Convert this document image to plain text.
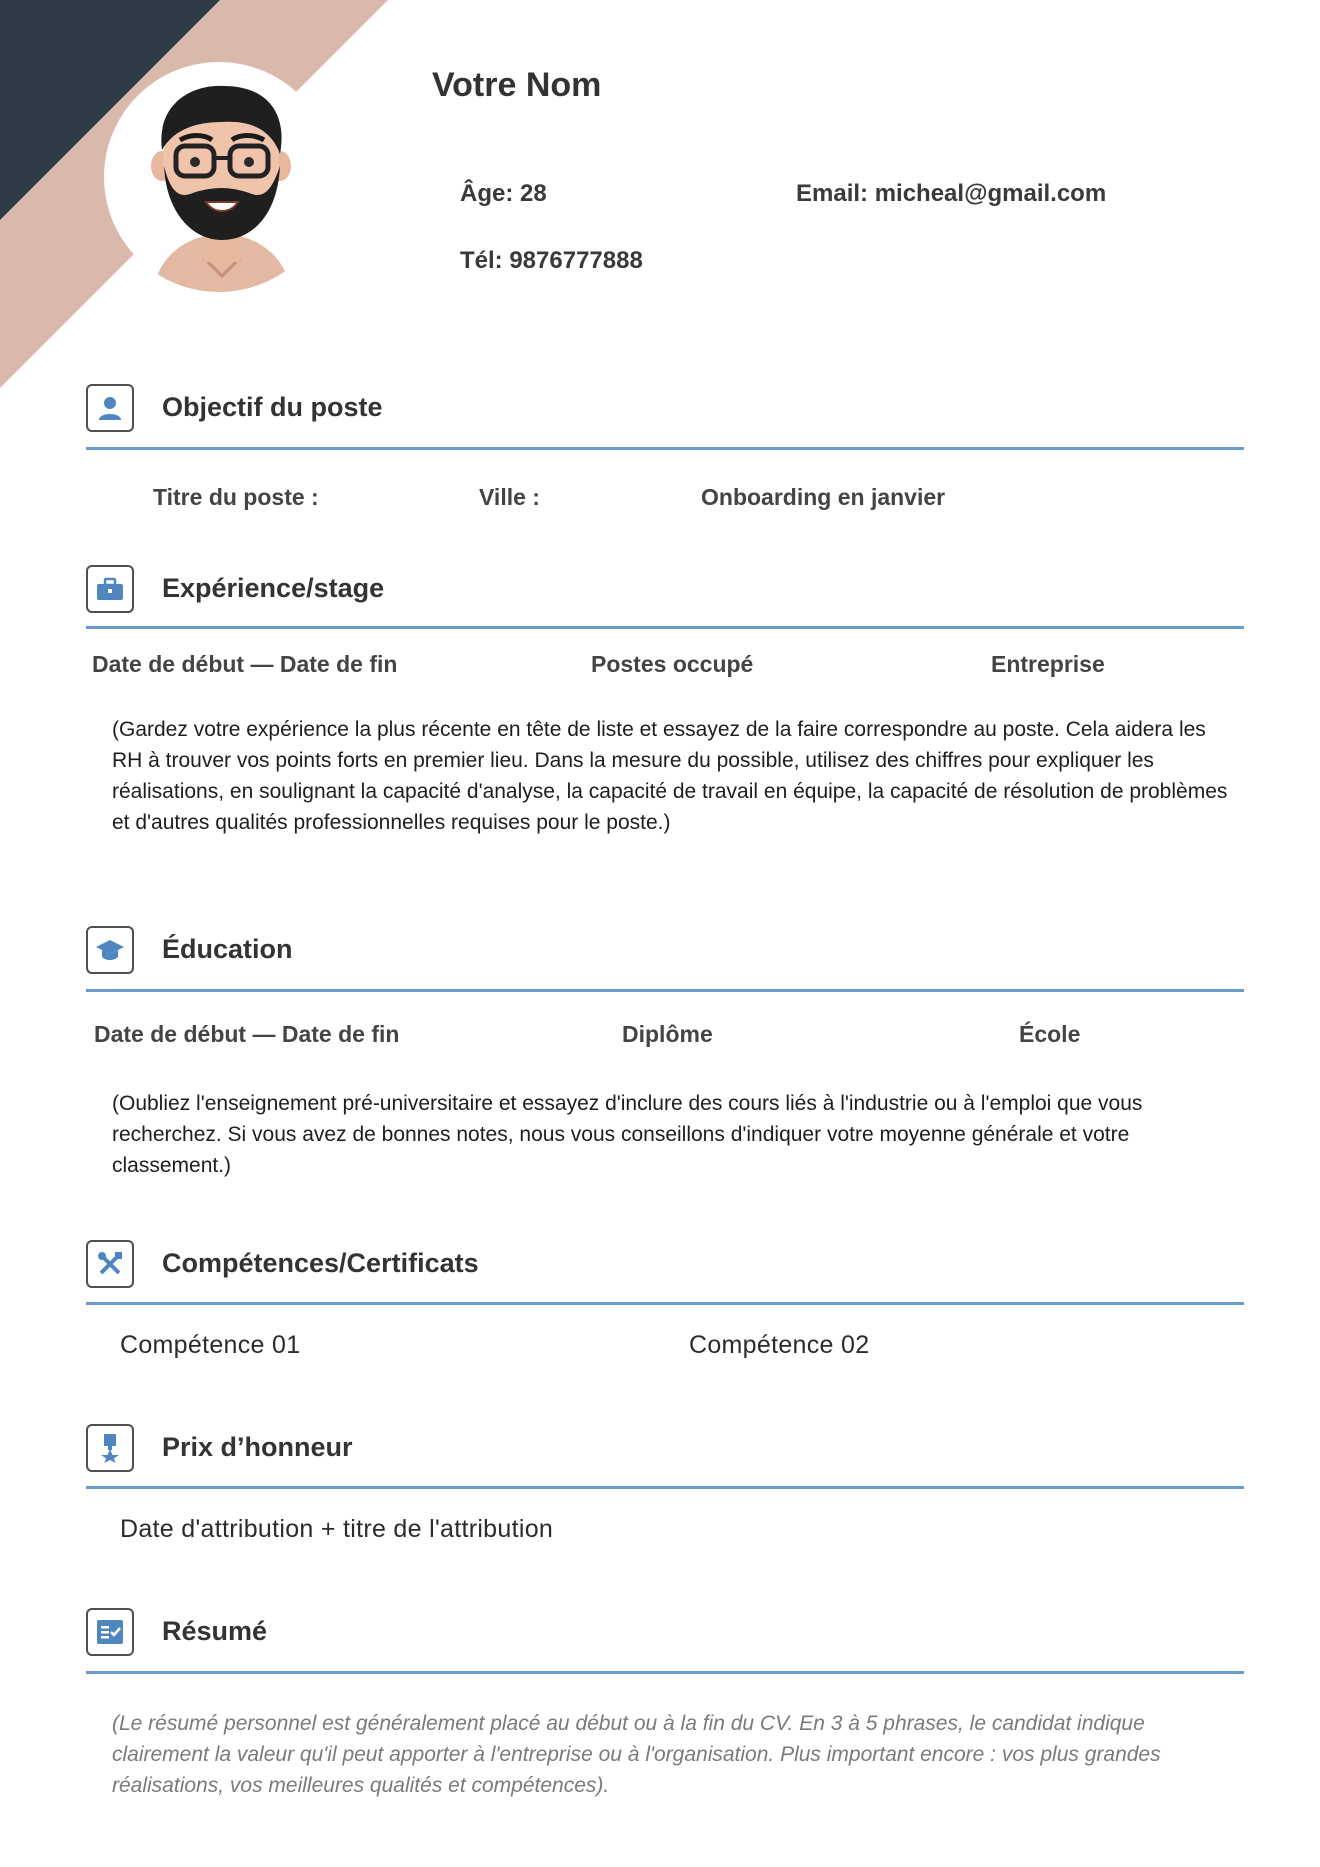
Votre Nom
Âge: 28	Email: micheal@gmail.com
Tél: 9876777888
Objectif du poste
Titre du poste :	Ville :	Onboarding en janvier
Expérience/stage
Date de début — Date de fin	Postes occupé	Entreprise
(Gardez votre expérience la plus récente en tête de liste et essayez de la faire correspondre au poste. Cela aidera les RH à trouver vos points forts en premier lieu. Dans la mesure du possible, utilisez des chiffres pour expliquer les réalisations, en soulignant la capacité d'analyse, la capacité de travail en équipe, la capacité de résolution de problèmes et d'autres qualités professionnelles requises pour le poste.)
Éducation
Date de début — Date de fin	Diplôme	École
(Oubliez l'enseignement pré-universitaire et essayez d'inclure des cours liés à l'industrie ou à l'emploi que vous recherchez. Si vous avez de bonnes notes, nous vous conseillons d'indiquer votre moyenne générale et votre classement.)
Compétences/Certificats
Compétence 01	Compétence 02
Prix d’honneur
Date d'attribution + titre de l'attribution
Résumé
(Le résumé personnel est généralement placé au début ou à la fin du CV. En 3 à 5 phrases, le candidat indique clairement la valeur qu'il peut apporter à l'entreprise ou à l'organisation. Plus important encore : vos plus grandes réalisations, vos meilleures qualités et compétences).
